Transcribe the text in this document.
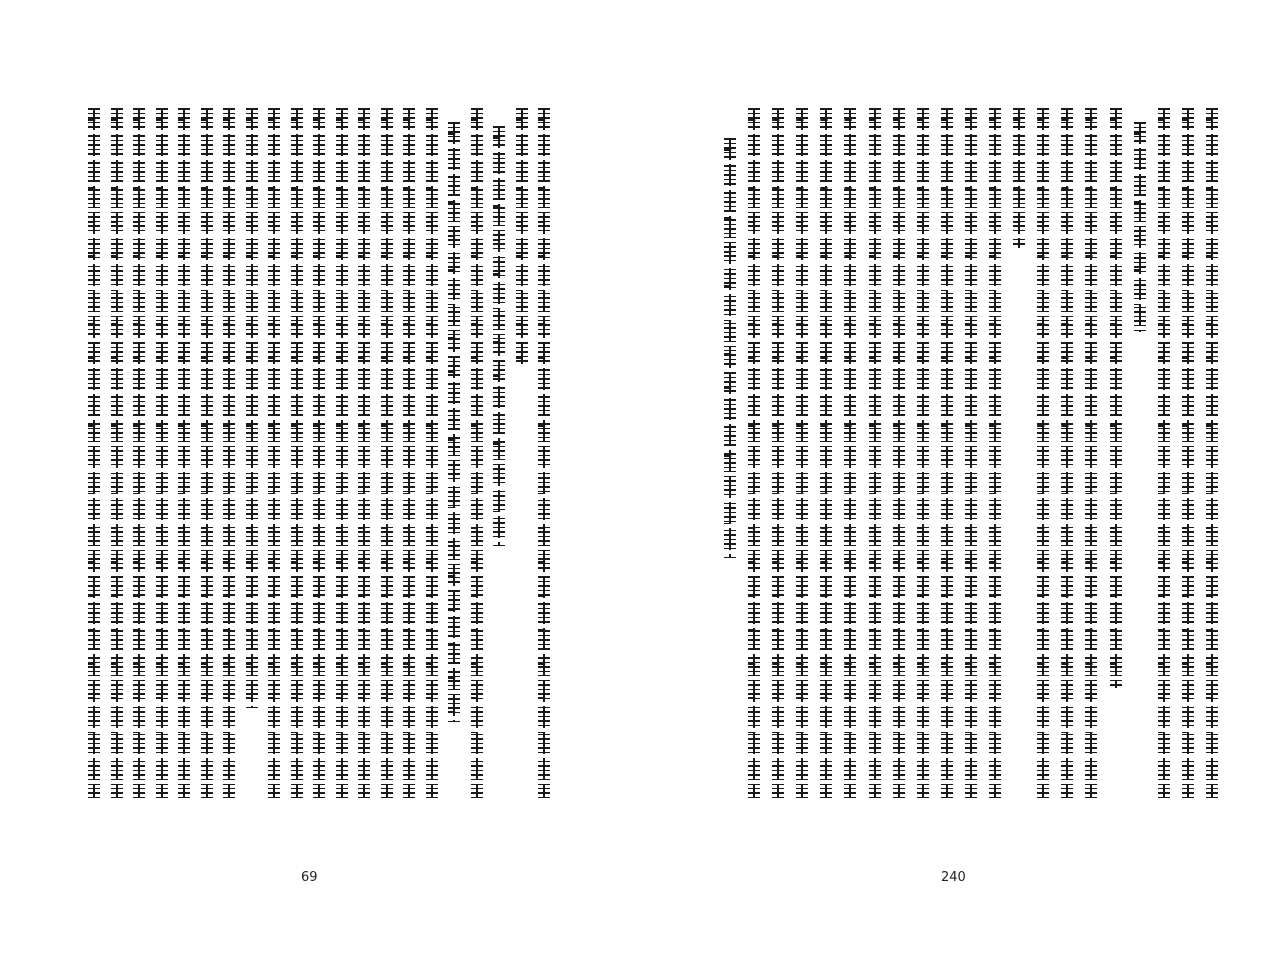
69	240
